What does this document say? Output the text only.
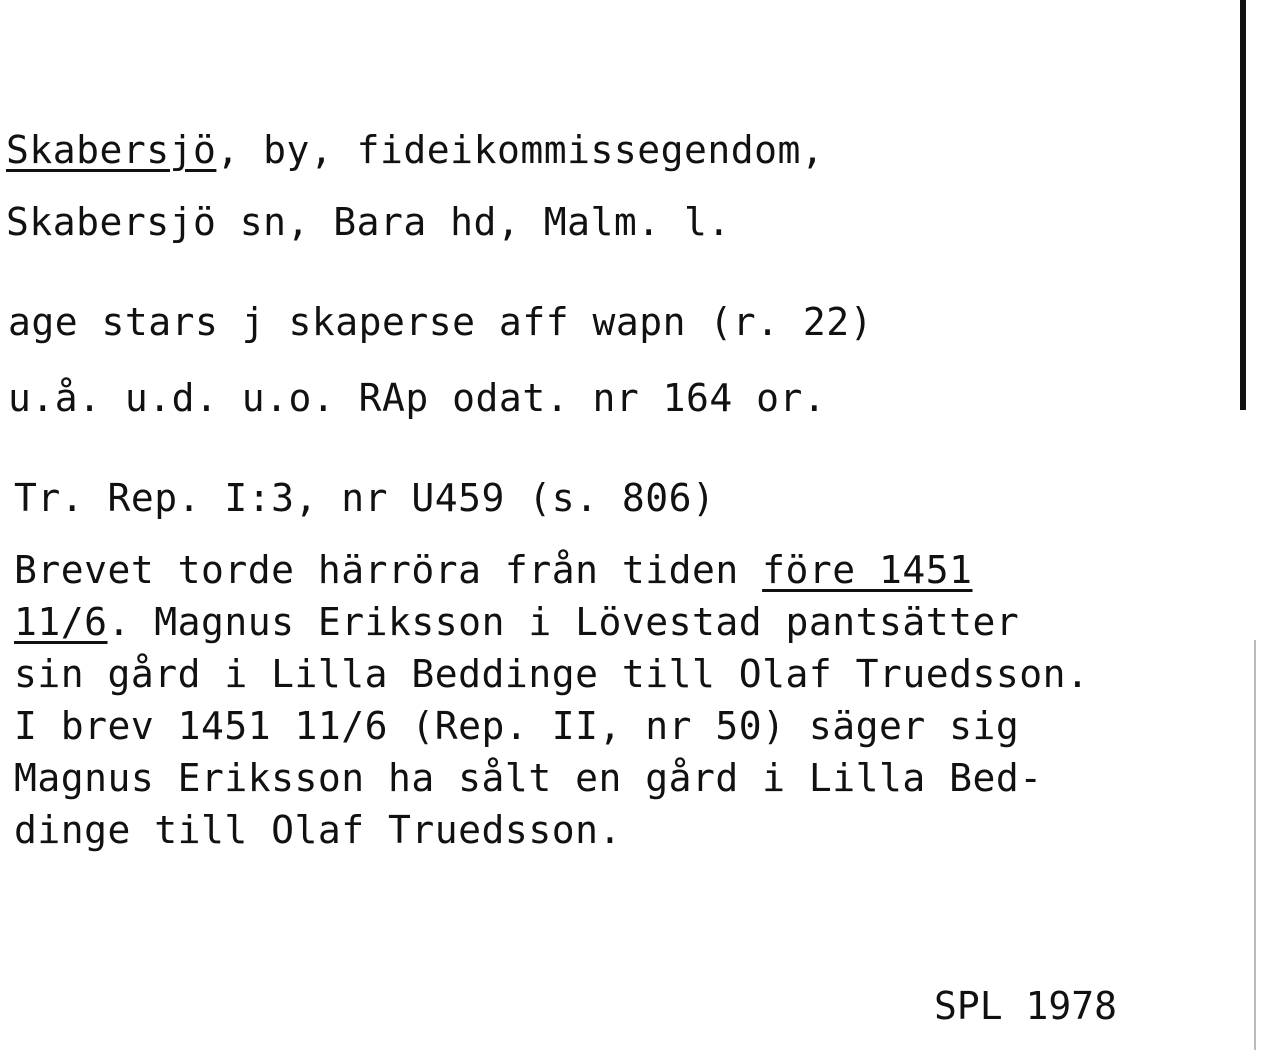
Skabersjö, by, fideikommissegendom,
Skabersjö sn, Bara hd, Malm. l.
age stars j skaperse aff wapn (r. 22)
u.å. u.d. u.o. RAp odat. nr 164 or.
Tr. Rep. I:3, nr U459 (s. 806)
Brevet torde härröra från tiden före 1451
11/6. Magnus Eriksson i Lövestad pantsätter
sin gård i Lilla Beddinge till Olaf Truedsson.
I brev 1451 11/6 (Rep. II, nr 50) säger sig
Magnus Eriksson ha sålt en gård i Lilla Bed-
dinge till Olaf Truedsson.
SPL 1978
